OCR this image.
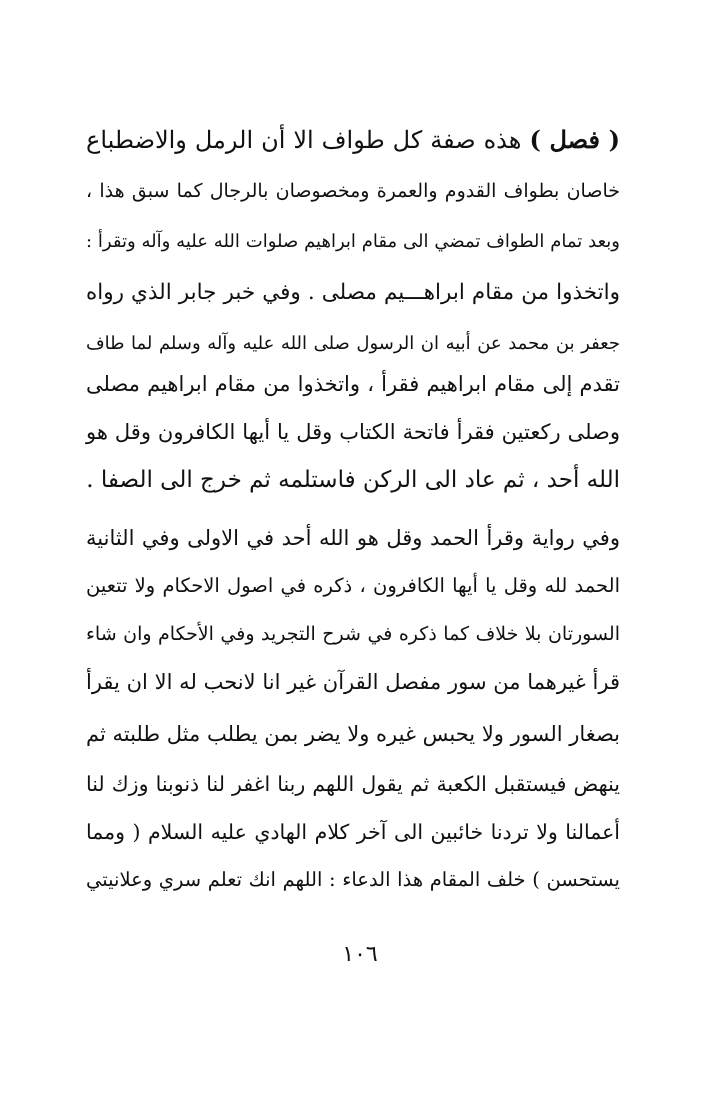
( فصل ) هذه صفة كل طواف الا أن الرمل والاضطباع
خاصان بطواف القدوم والعمرة ومخصوصان بالرجال كما سبق هذا ،
وبعد تمام الطواف تمضي الى مقام ابراهيم صلوات الله عليه وآله وتقرأ :
واتخذوا من مقام ابراهـــيم مصلى . وفي خبر جابر الذي رواه
جعفر بن محمد عن أبيه ان الرسول صلى الله عليه وآله وسلم لما طاف
تقدم إلى مقام ابراهيم فقرأ ، واتخذوا من مقام ابراهيم مصلى
وصلى ركعتين فقرأ فاتحة الكتاب وقل يا أيها الكافرون وقل هو
الله أحد ، ثم عاد الى الركن فاستلمه ثم خرج الى الصفا .
وفي رواية وقرأ الحمد وقل هو الله أحد في الاولى وفي الثانية
الحمد لله وقل يا أيها الكافرون ، ذكره في اصول الاحكام ولا تتعين
السورتان بلا خلاف كما ذكره في شرح التجريد وفي الأحكام وان شاء
قرأ غيرهما من سور مفصل القرآن غير انا لانحب له الا ان يقرأ
بصغار السور ولا يحبس غيره ولا يضر بمن يطلب مثل طلبته ثم
ينهض فيستقبل الكعبة ثم يقول اللهم ربنا اغفر لنا ذنوبنا وزك لنا
أعمالنا ولا تردنا خائبين الى آخر كلام الهادي عليه السلام ( ومما
يستحسن ) خلف المقام هذا الدعاء : اللهم انك تعلم سري وعلانيتي
١٠٦
